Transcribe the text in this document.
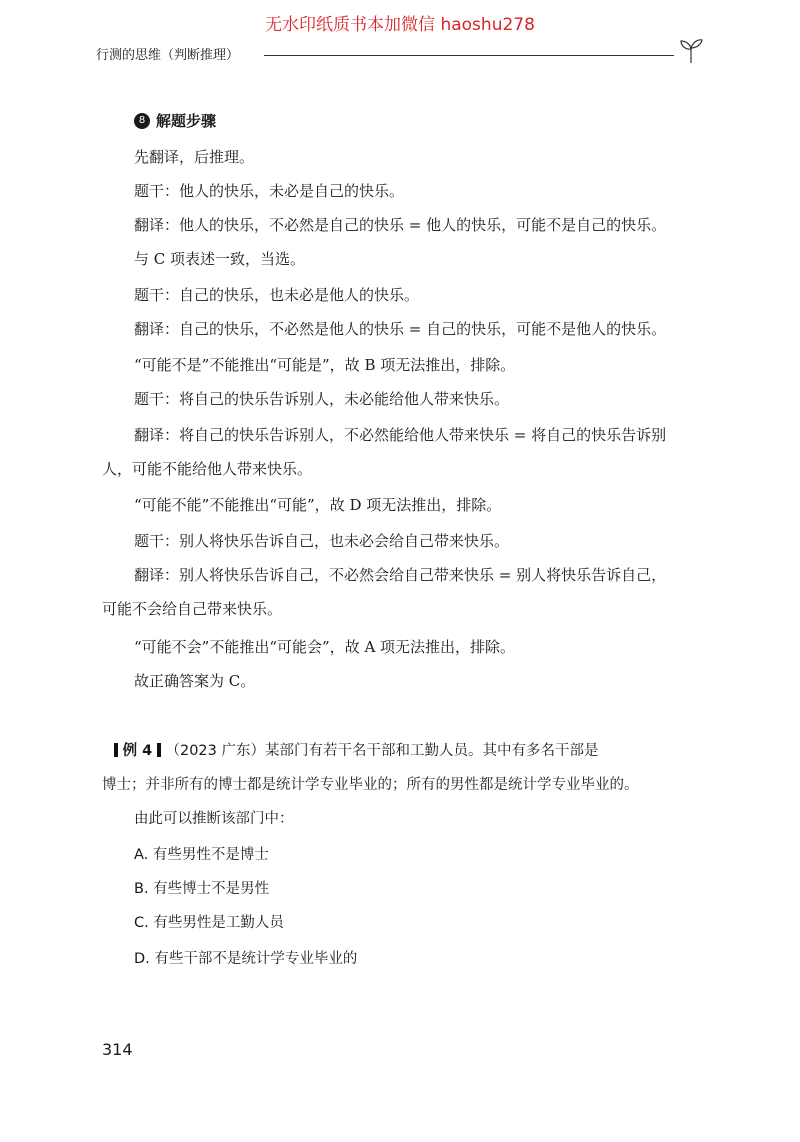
无水印纸质书本加微信 haoshu278
行测的思维（判断推理）
8 解题步骤
先翻译，后推理。
题干：他人的快乐，未必是自己的快乐。
翻译：他人的快乐，不必然是自己的快乐 = 他人的快乐，可能不是自己的快乐。
与 C 项表述一致，当选。
题干：自己的快乐，也未必是他人的快乐。
翻译：自己的快乐，不必然是他人的快乐 = 自己的快乐，可能不是他人的快乐。
“可能不是”不能推出“可能是”，故 B 项无法推出，排除。
题干：将自己的快乐告诉别人，未必能给他人带来快乐。
翻译：将自己的快乐告诉别人，不必然能给他人带来快乐 = 将自己的快乐告诉别
人，可能不能给他人带来快乐。
“可能不能”不能推出“可能”，故 D 项无法推出，排除。
题干：别人将快乐告诉自己，也未必会给自己带来快乐。
翻译：别人将快乐告诉自己，不必然会给自己带来快乐 = 别人将快乐告诉自己，
可能不会给自己带来快乐。
“可能不会”不能推出“可能会”，故 A 项无法推出，排除。
故正确答案为 C。
例 4 （2023 广东）某部门有若干名干部和工勤人员。其中有多名干部是
博士；并非所有的博士都是统计学专业毕业的；所有的男性都是统计学专业毕业的。
由此可以推断该部门中：
A. 有些男性不是博士
B. 有些博士不是男性
C. 有些男性是工勤人员
D. 有些干部不是统计学专业毕业的
314
